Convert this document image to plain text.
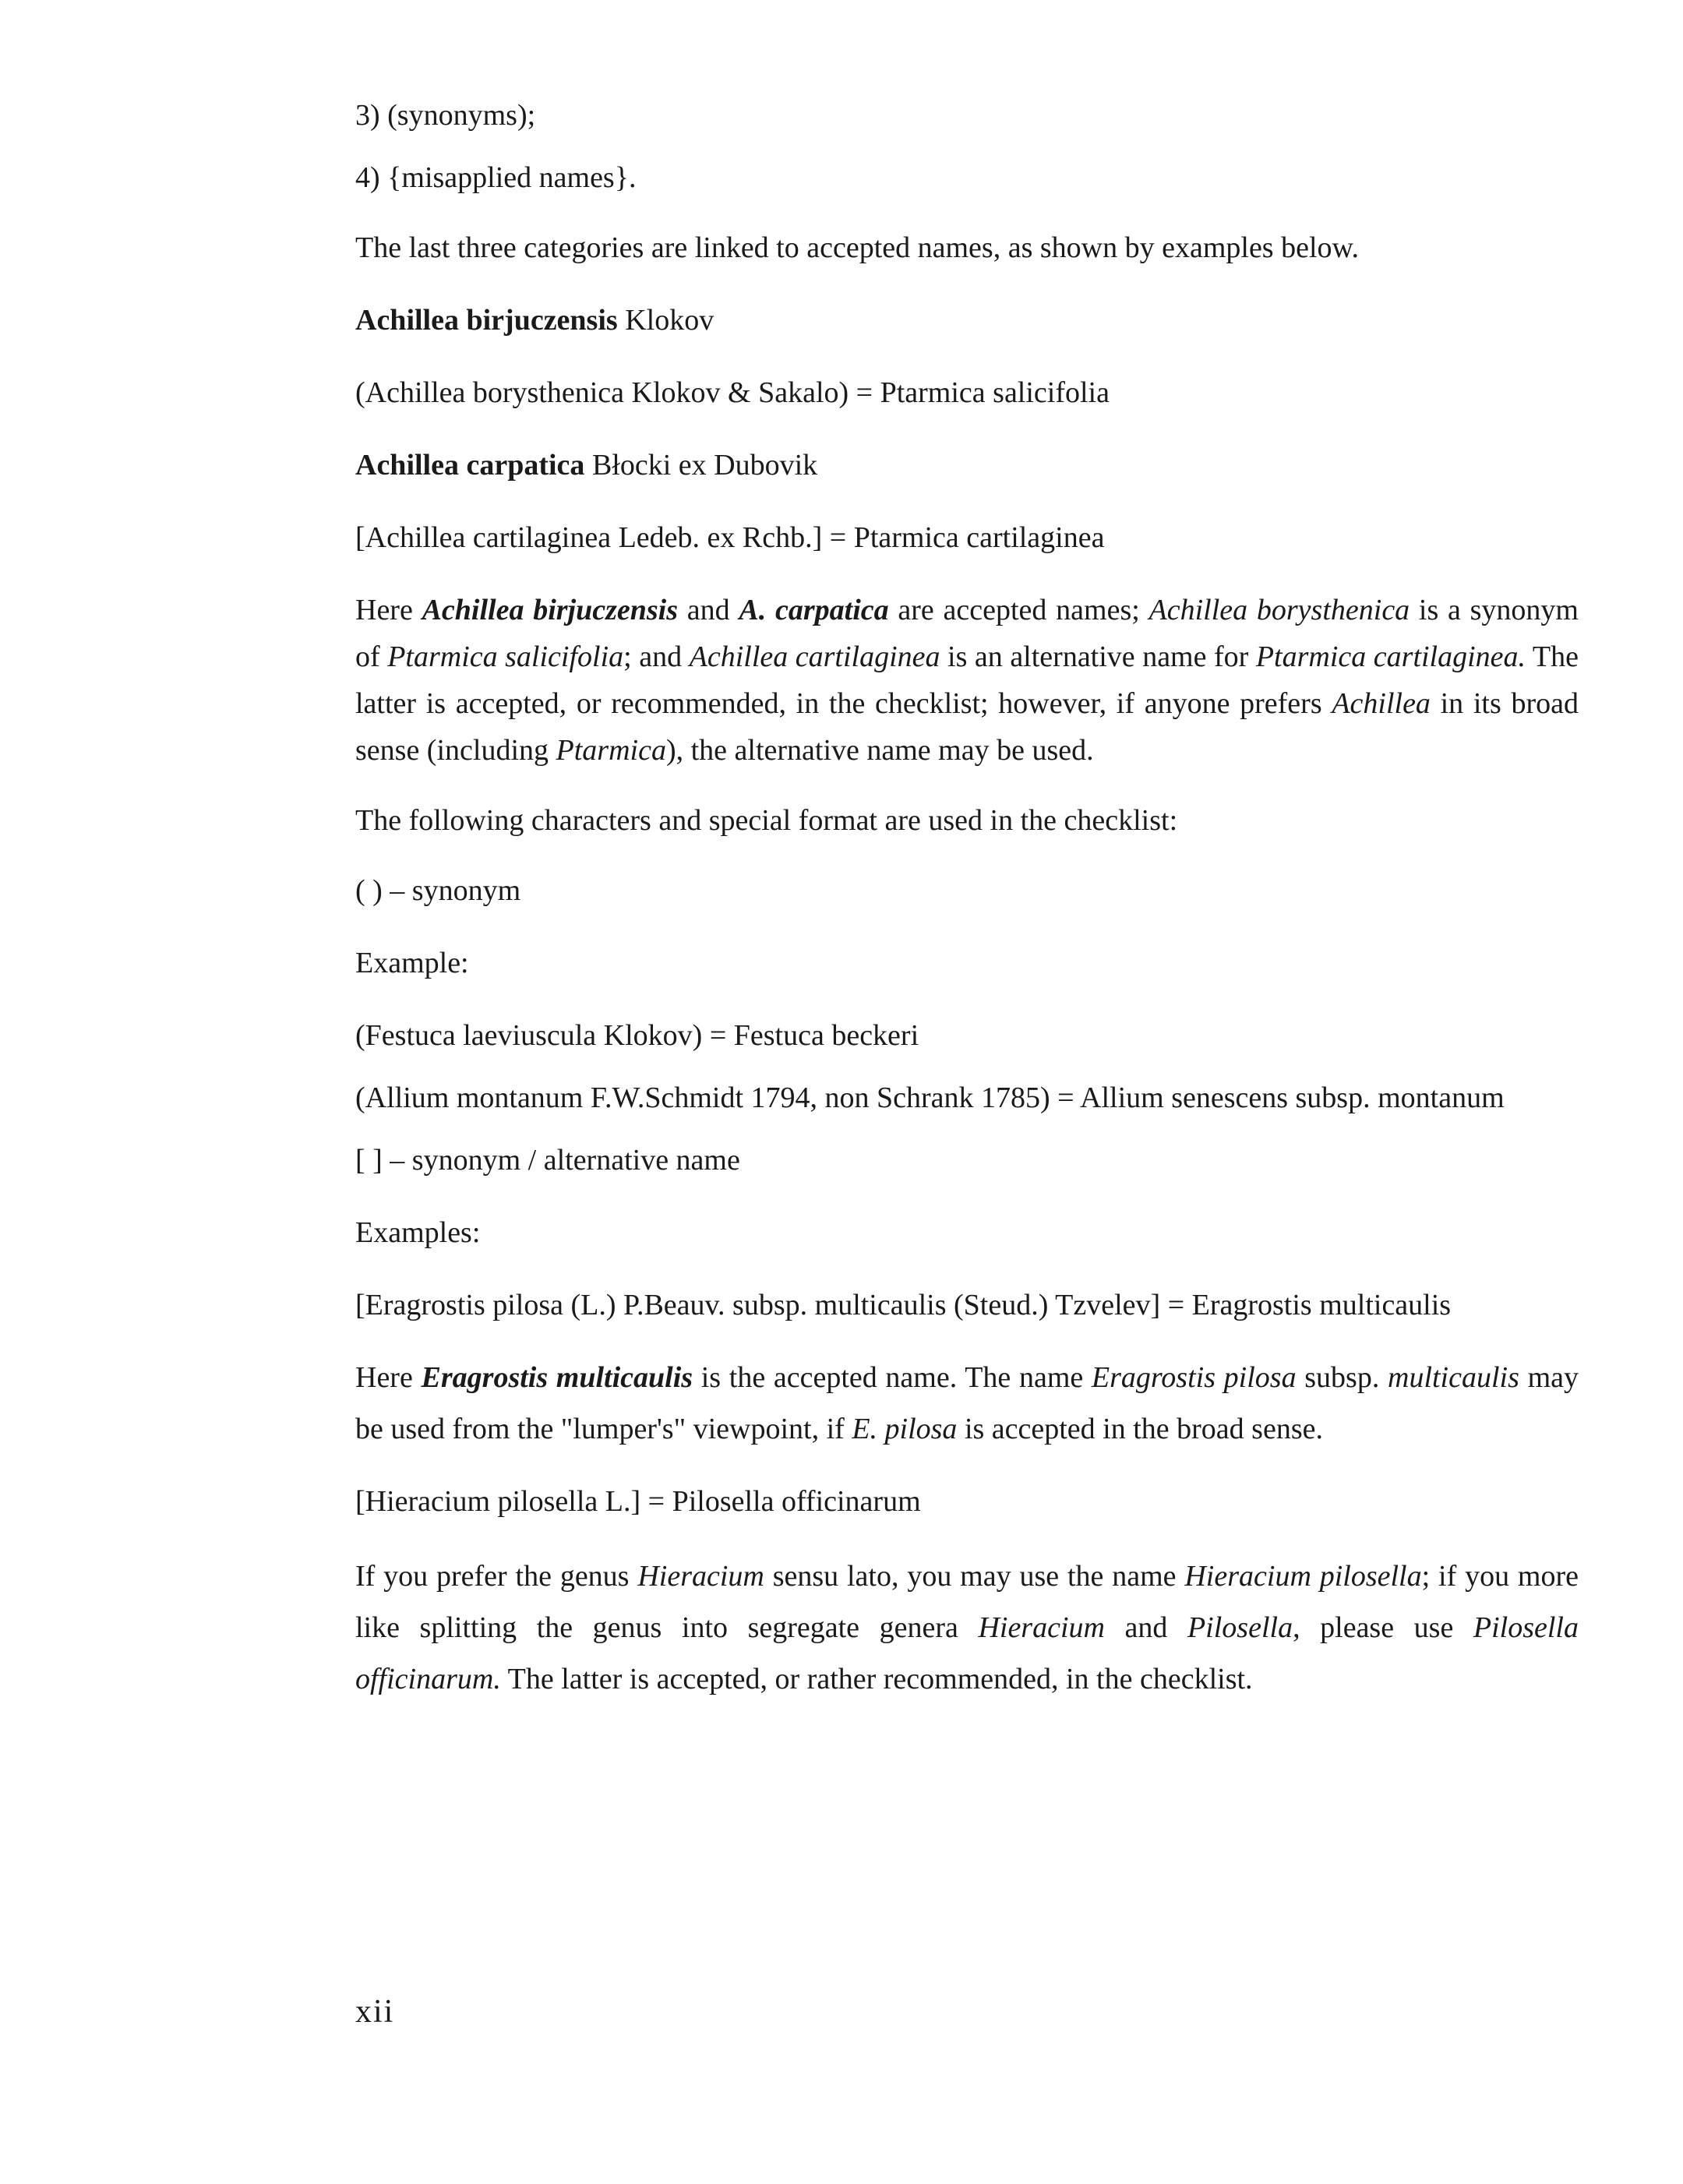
3) (synonyms);

4) {misapplied names}.

The last three categories are linked to accepted names, as shown by examples below.

Achillea birjuczensis Klokov

(Achillea borysthenica Klokov & Sakalo) = Ptarmica salicifolia

Achillea carpatica Błocki ex Dubovik

[Achillea cartilaginea Ledeb. ex Rchb.] = Ptarmica cartilaginea

Here Achillea birjuczensis and A. carpatica are accepted names; Achillea borysthenica is a synonym of Ptarmica salicifolia; and Achillea cartilaginea is an alternative name for Ptarmica cartilaginea. The latter is accepted, or recommended, in the checklist; however, if anyone prefers Achillea in its broad sense (including Ptarmica), the alternative name may be used.

The following characters and special format are used in the checklist:

( ) – synonym

Example:

(Festuca laeviuscula Klokov) = Festuca beckeri

(Allium montanum F.W.Schmidt 1794, non Schrank 1785) = Allium senescens subsp. montanum

[ ] – synonym / alternative name

Examples:

[Eragrostis pilosa (L.) P.Beauv. subsp. multicaulis (Steud.) Tzvelev] = Eragrostis multicaulis

Here Eragrostis multicaulis is the accepted name. The name Eragrostis pilosa subsp. multicaulis may be used from the "lumper's" viewpoint, if E. pilosa is accepted in the broad sense.

[Hieracium pilosella L.] = Pilosella officinarum

If you prefer the genus Hieracium sensu lato, you may use the name Hieracium pilosella; if you more like splitting the genus into segregate genera Hieracium and Pilosella, please use Pilosella officinarum. The latter is accepted, or rather recommended, in the checklist.

xii
